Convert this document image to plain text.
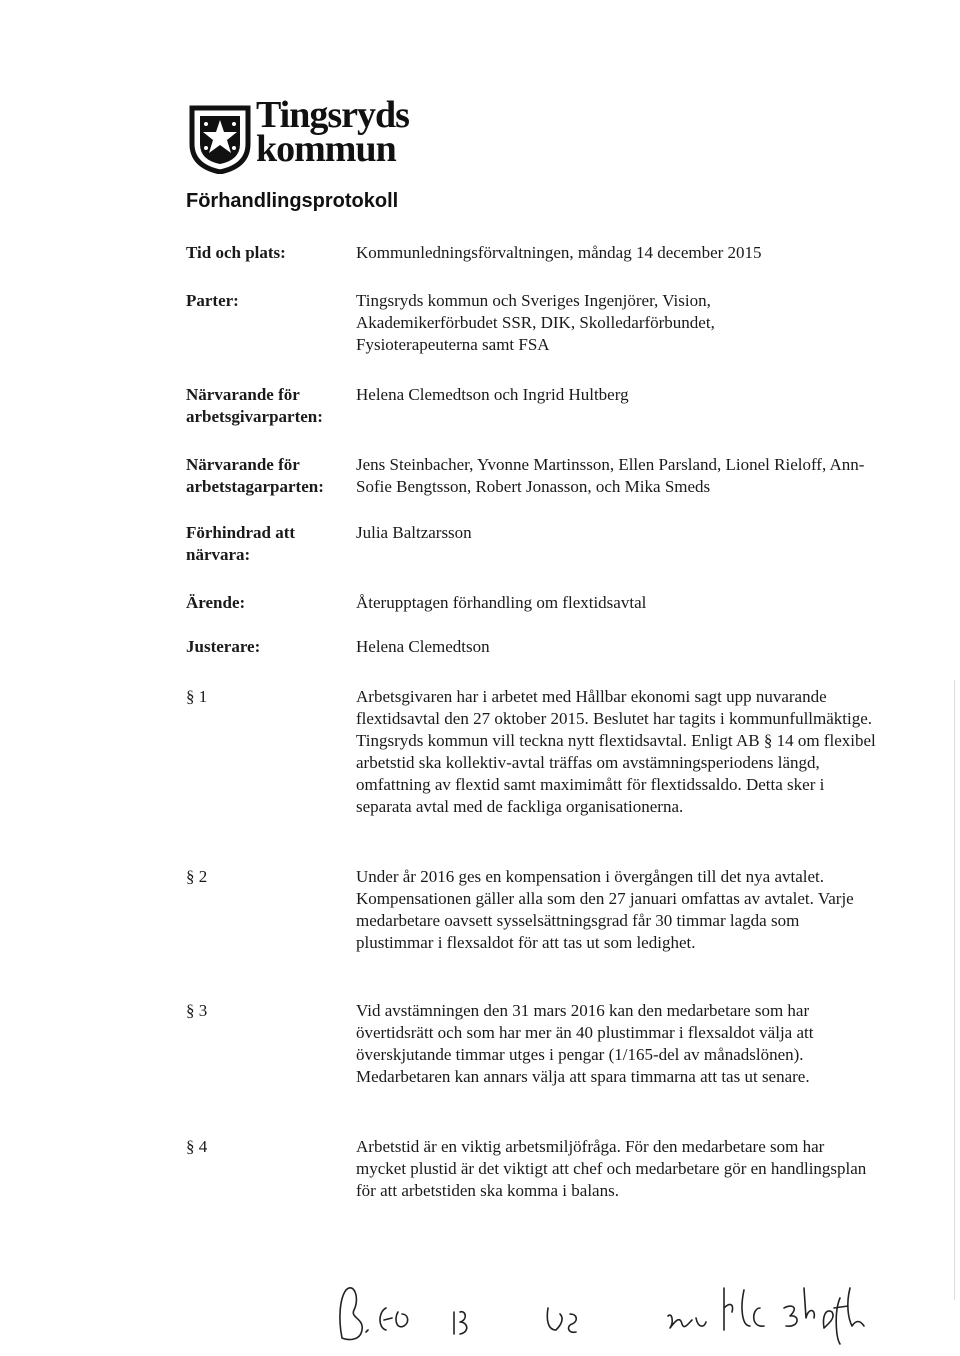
Tingsryds
kommun
Förhandlingsprotokoll
Tid och plats:	Kommunledningsförvaltningen, måndag 14 december 2015
Parter:	Tingsryds kommun och Sveriges Ingenjörer, Vision, Akademikerförbudet SSR, DIK, Skolledarförbundet, Fysioterapeuterna samt FSA
Närvarande för arbetsgivarparten:
Helena Clemedtson och Ingrid Hultberg
Närvarande för arbetstagarparten:
Jens Steinbacher, Yvonne Martinsson, Ellen Parsland, Lionel Rieloff, Ann-Sofie Bengtsson, Robert Jonasson, och Mika Smeds
Förhindrad att närvara:
Julia Baltzarsson
Ärende:	Återupptagen förhandling om flextidsavtal
Justerare:	Helena Clemedtson
§ 1	Arbetsgivaren har i arbetet med Hållbar ekonomi sagt upp nuvarande flextidsavtal den 27 oktober 2015. Beslutet har tagits i kommunfullmäktige. Tingsryds kommun vill teckna nytt flextidsavtal. Enligt AB § 14 om flexibel arbetstid ska kollektiv-avtal träffas om avstämningsperiodens längd, omfattning av flextid samt maximimått för flextidssaldo. Detta sker i separata avtal med de fackliga organisationerna.
§ 2	Under år 2016 ges en kompensation i övergången till det nya avtalet. Kompensationen gäller alla som den 27 januari omfattas av avtalet. Varje medarbetare oavsett sysselsättningsgrad får 30 timmar lagda som plustimmar i flexsaldot för att tas ut som ledighet.
§ 3	Vid avstämningen den 31 mars 2016 kan den medarbetare som har övertidsrätt och som har mer än 40 plustimmar i flexsaldot välja att överskjutande timmar utges i pengar (1/165-del av månadslönen). Medarbetaren kan annars välja att spara timmarna att tas ut senare.
§ 4	Arbetstid är en viktig arbetsmiljöfråga. För den medarbetare som har mycket plustid är det viktigt att chef och medarbetare gör en handlingsplan för att arbetstiden ska komma i balans.
